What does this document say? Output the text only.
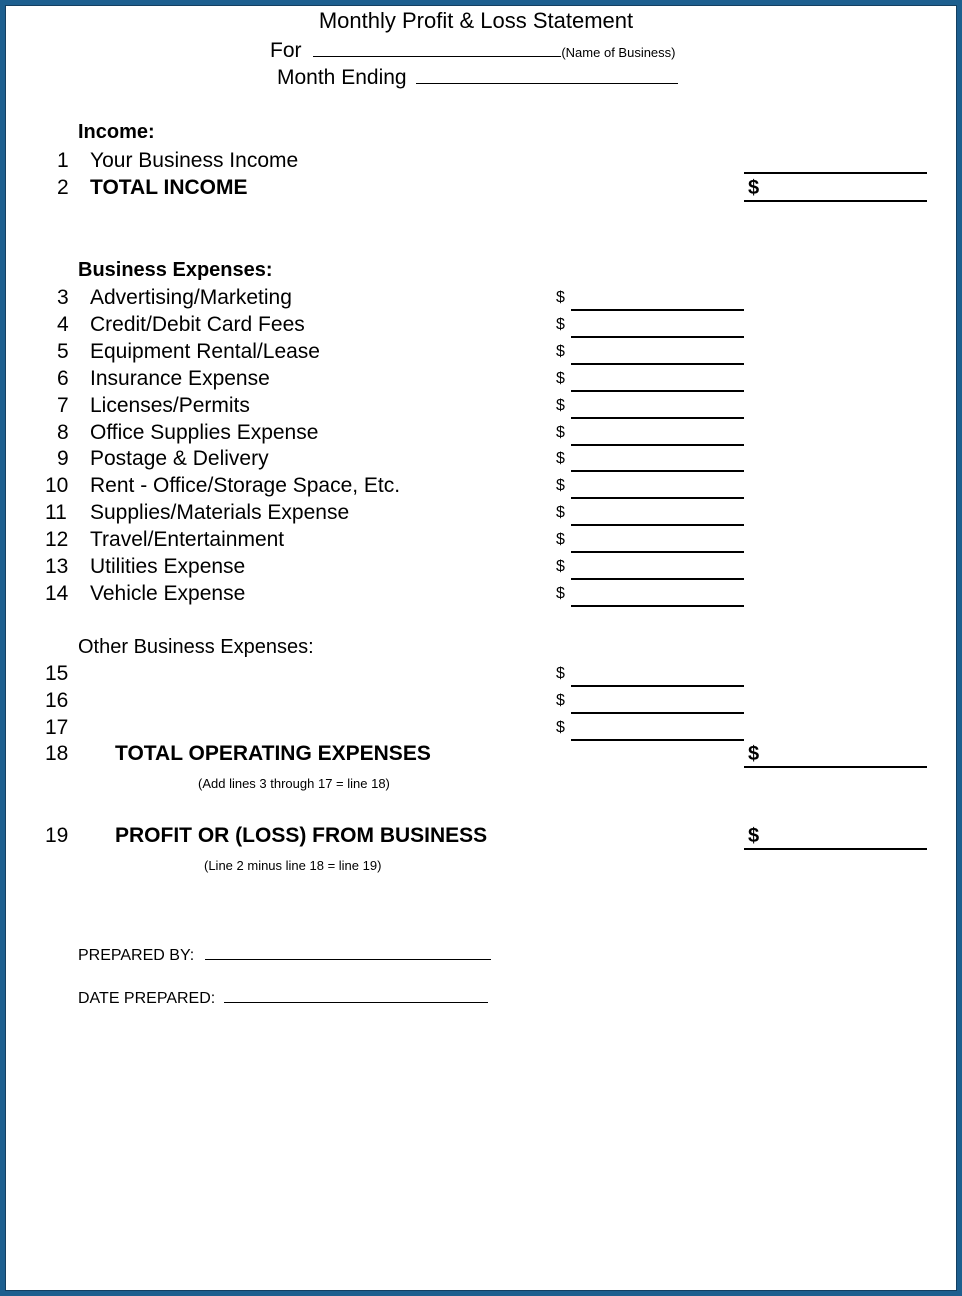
Monthly Profit & Loss Statement
For	(Name of Business)
Month Ending
Income:
1 Your Business Income
2 TOTAL INCOME	$
Business Expenses:
3 Advertising/Marketing	$
4 Credit/Debit Card Fees	$
5 Equipment Rental/Lease	$
6 Insurance Expense	$
7 Licenses/Permits	$
8 Office Supplies Expense	$
9 Postage & Delivery	$
10 Rent - Office/Storage Space, Etc.	$
11 Supplies/Materials Expense	$
12 Travel/Entertainment	$
13 Utilities Expense	$
14 Vehicle Expense	$
Other Business Expenses:
15	$
16	$
17	$
18 TOTAL OPERATING EXPENSES	$
(Add lines 3 through 17 = line 18)
19 PROFIT OR (LOSS) FROM BUSINESS	$
(Line 2 minus line 18 = line 19)
PREPARED BY:
DATE PREPARED:
